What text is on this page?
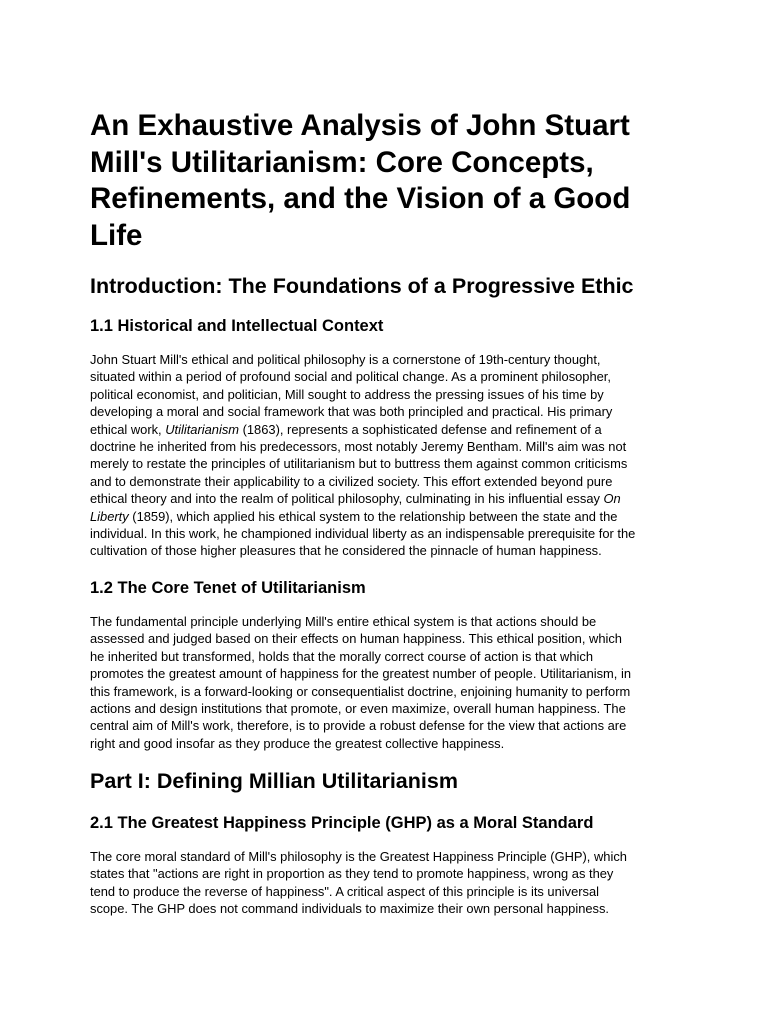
An Exhaustive Analysis of John Stuart Mill's Utilitarianism: Core Concepts, Refinements, and the Vision of a Good Life
Introduction: The Foundations of a Progressive Ethic
1.1 Historical and Intellectual Context
John Stuart Mill's ethical and political philosophy is a cornerstone of 19th-century thought,
situated within a period of profound social and political change. As a prominent philosopher,
political economist, and politician, Mill sought to address the pressing issues of his time by
developing a moral and social framework that was both principled and practical. His primary
ethical work, Utilitarianism (1863), represents a sophisticated defense and refinement of a
doctrine he inherited from his predecessors, most notably Jeremy Bentham. Mill's aim was not
merely to restate the principles of utilitarianism but to buttress them against common criticisms
and to demonstrate their applicability to a civilized society. This effort extended beyond pure
ethical theory and into the realm of political philosophy, culminating in his influential essay On
Liberty (1859), which applied his ethical system to the relationship between the state and the
individual. In this work, he championed individual liberty as an indispensable prerequisite for the
cultivation of those higher pleasures that he considered the pinnacle of human happiness.
1.2 The Core Tenet of Utilitarianism
The fundamental principle underlying Mill's entire ethical system is that actions should be
assessed and judged based on their effects on human happiness. This ethical position, which
he inherited but transformed, holds that the morally correct course of action is that which
promotes the greatest amount of happiness for the greatest number of people. Utilitarianism, in
this framework, is a forward-looking or consequentialist doctrine, enjoining humanity to perform
actions and design institutions that promote, or even maximize, overall human happiness. The
central aim of Mill's work, therefore, is to provide a robust defense for the view that actions are
right and good insofar as they produce the greatest collective happiness.
Part I: Defining Millian Utilitarianism
2.1 The Greatest Happiness Principle (GHP) as a Moral Standard
The core moral standard of Mill's philosophy is the Greatest Happiness Principle (GHP), which
states that "actions are right in proportion as they tend to promote happiness, wrong as they
tend to produce the reverse of happiness". A critical aspect of this principle is its universal
scope. The GHP does not command individuals to maximize their own personal happiness.
